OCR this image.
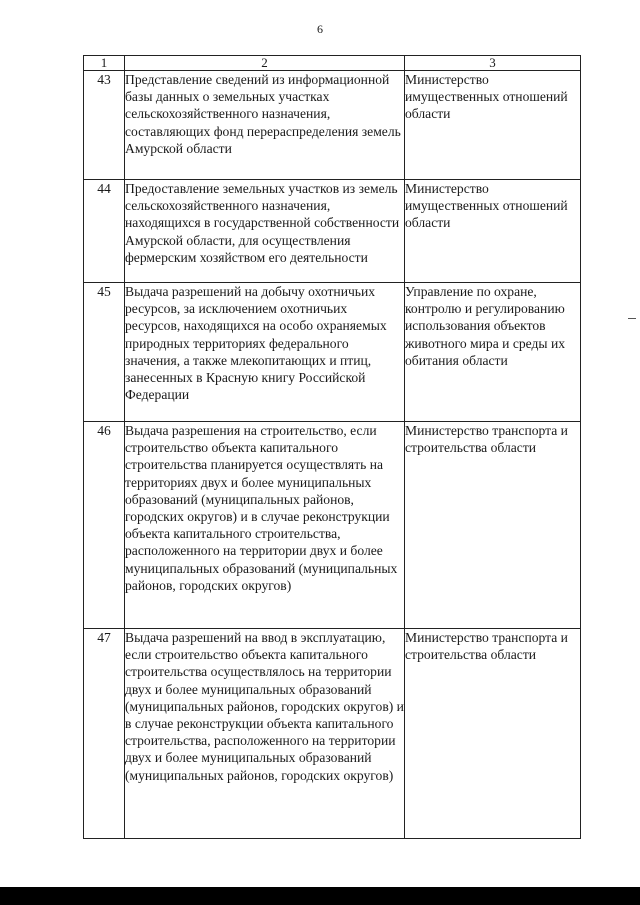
6
1	2	3
43	Представление сведений из информационной базы данных о земельных участках сельскохозяйственного назначения, составляющих фонд перераспределения земель Амурской области	Министерство имущественных отношений области
44	Предоставление земельных участков из земель сельскохозяйственного назначения, находящихся в государственной собственности Амурской области, для осуществления фермерским хозяйством его деятельности	Министерство имущественных отношений области
45	Выдача разрешений на добычу охотничьих ресурсов, за исключением охотничьих ресурсов, находящихся на особо охраняемых природных территориях федерального значения, а также млекопитающих и птиц, занесенных в Красную книгу Российской Федерации	Управление по охране, контролю и регулированию использования объектов животного мира и среды их обитания области
46	Выдача разрешения на строительство, если строительство объекта капитального строительства планируется осуществлять на территориях двух и более муниципальных образований (муниципальных районов, городских округов) и в случае реконструкции объекта капитального строительства, расположенного на территории двух и более муниципальных образований (муниципальных районов, городских округов)	Министерство транспорта и строительства области
47	Выдача разрешений на ввод в эксплуатацию, если строительство объекта капитального строительства осуществлялось на территории двух и более муниципальных образований (муниципальных районов, городских округов) и в случае реконструкции объекта капитального строительства, расположенного на территории двух и более муниципальных образований (муниципальных районов, городских округов)	Министерство транспорта и строительства области
